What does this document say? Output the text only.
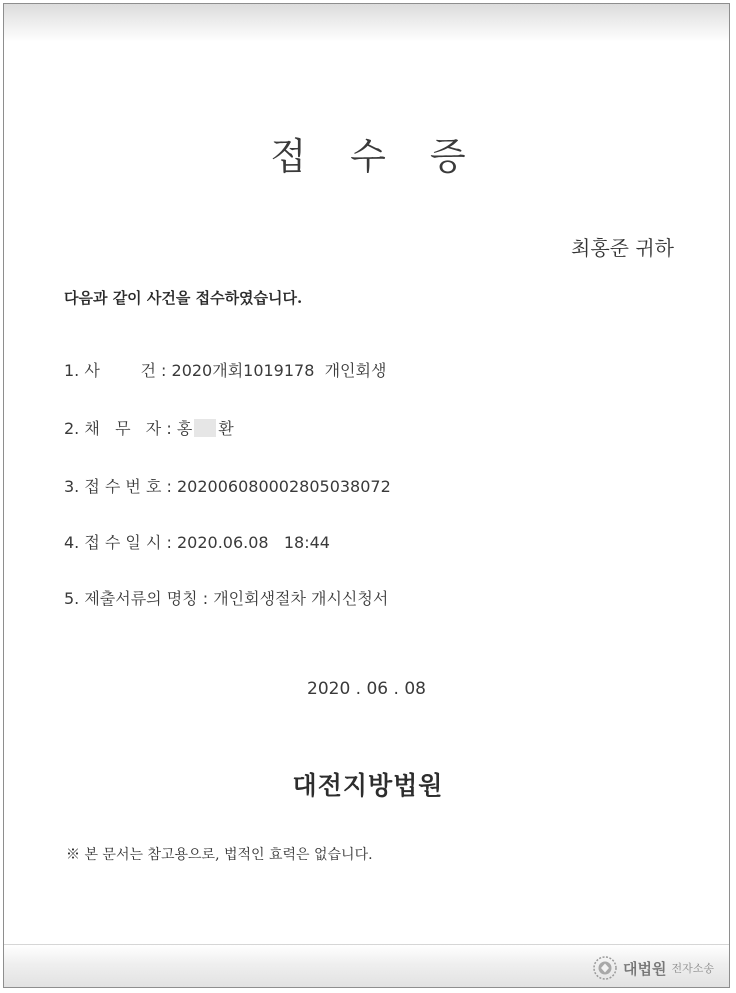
접수증
최홍준 귀하
다음과 같이 사건을 접수하였습니다.
1. 사        건 : 2020개회1019178  개인회생
2. 채   무   자 : 홍 환
3. 접 수 번 호 : 202006080002805038072
4. 접 수 일 시 : 2020.06.08   18:44
5. 제출서류의 명칭 : 개인회생절차 개시신청서
2020 . 06 . 08
대전지방법원
※ 본 문서는 참고용으로, 법적인 효력은 없습니다.
대법원 전자소송
